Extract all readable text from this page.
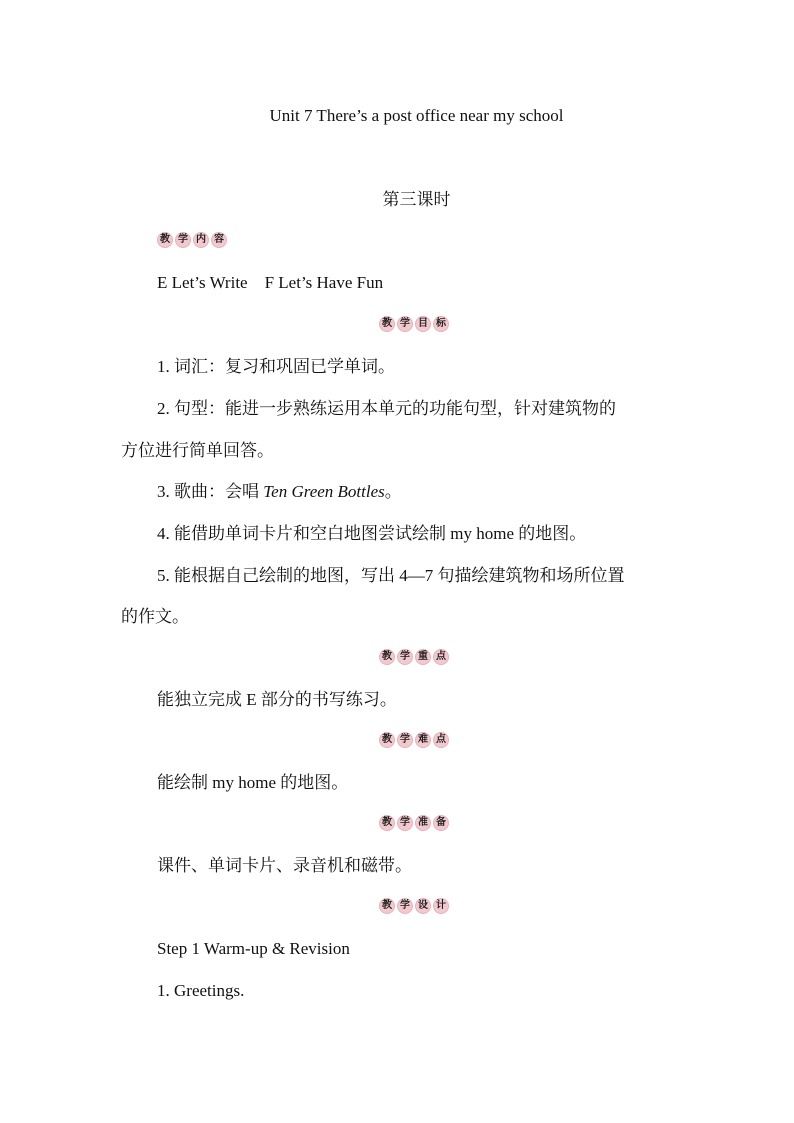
Unit 7 There’s a post office near my school
第三课时
教 学 内 容
E Let’s Write    F Let’s Have Fun
教 学 目 标
1. 词汇：复习和巩固已学单词。
2. 句型：能进一步熟练运用本单元的功能句型，针对建筑物的
方位进行简单回答。
3. 歌曲：会唱 Ten Green Bottles。
4. 能借助单词卡片和空白地图尝试绘制 my home 的地图。
5. 能根据自己绘制的地图，写出 4—7 句描绘建筑物和场所位置
的作文。
教 学 重 点
能独立完成 E 部分的书写练习。
教 学 难 点
能绘制 my home 的地图。
教 学 准 备
课件、单词卡片、录音机和磁带。
教 学 设 计
Step 1 Warm-up & Revision
1. Greetings.
